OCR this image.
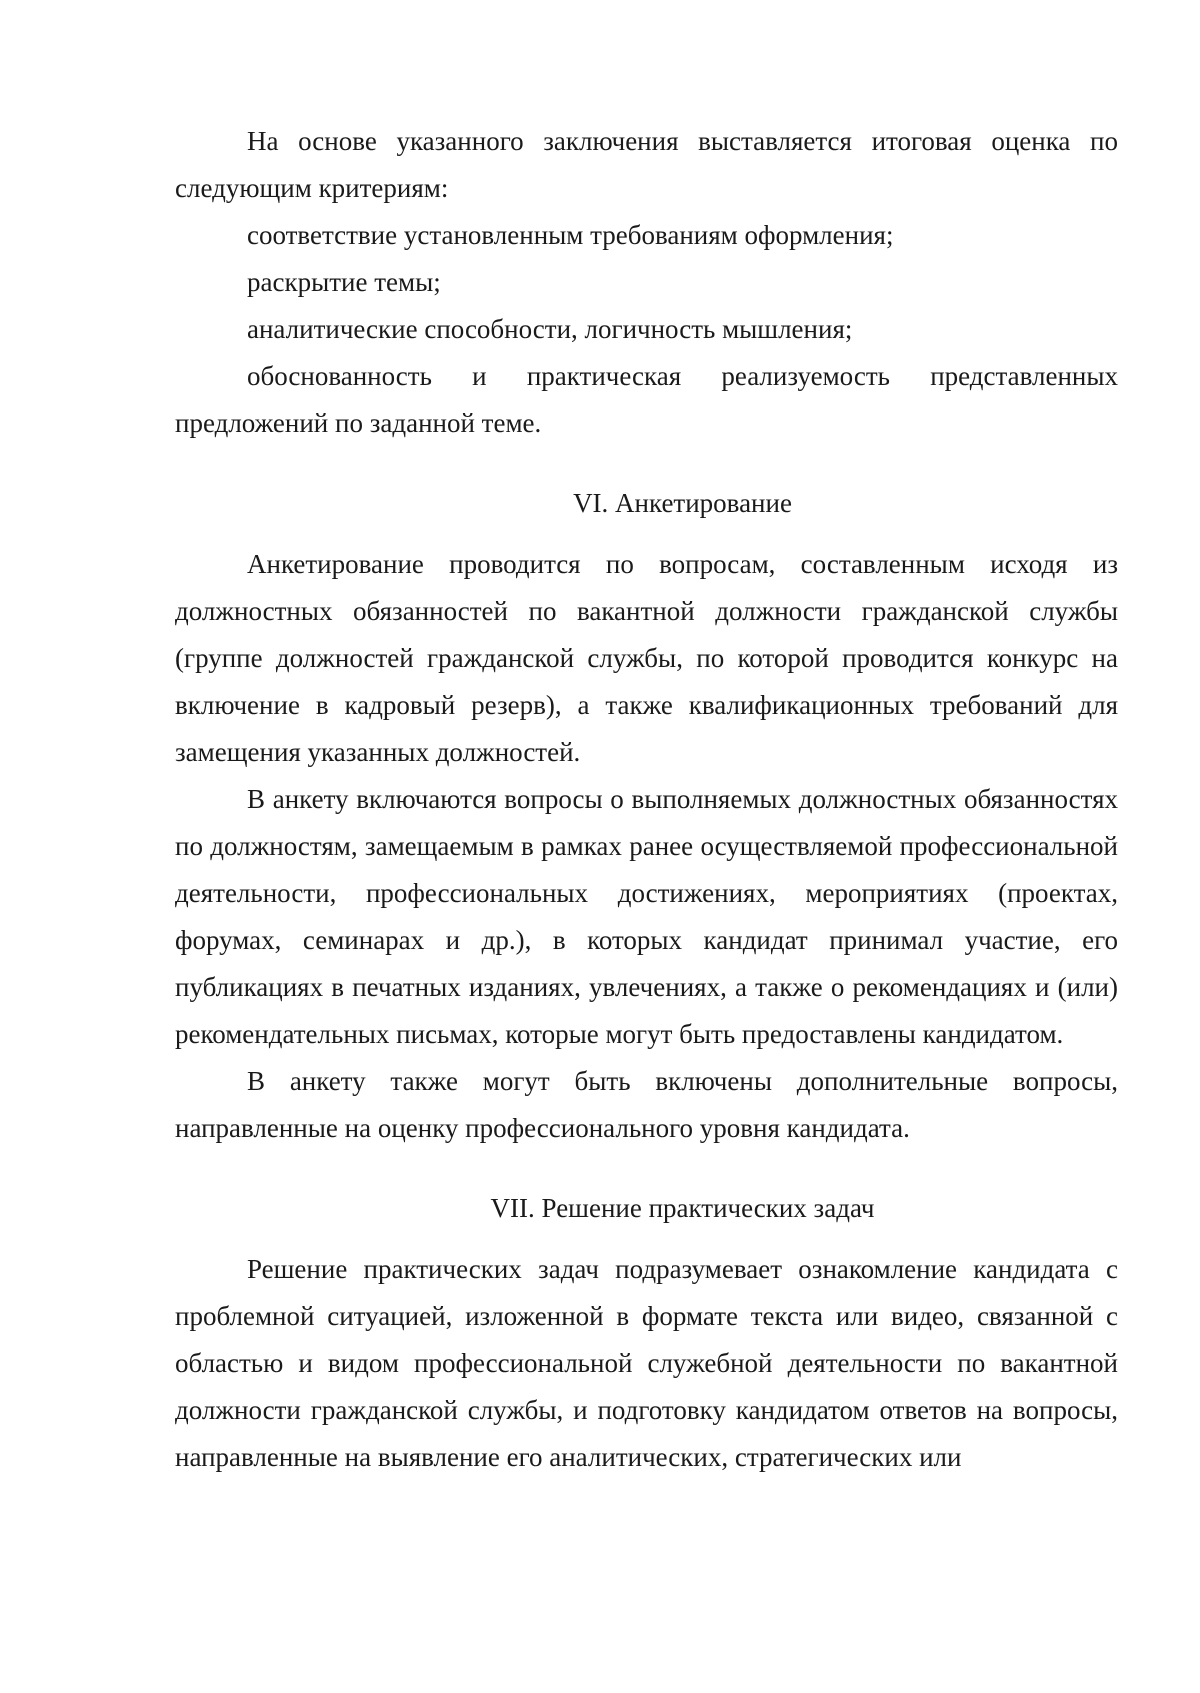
На основе указанного заключения выставляется итоговая оценка по следующим критериям:

соответствие установленным требованиям оформления;

раскрытие темы;

аналитические способности, логичность мышления;

обоснованность и практическая реализуемость представленных предложений по заданной теме.

VI. Анкетирование

Анкетирование проводится по вопросам, составленным исходя из должностных обязанностей по вакантной должности гражданской службы (группе должностей гражданской службы, по которой проводится конкурс на включение в кадровый резерв), а также квалификационных требований для замещения указанных должностей.

В анкету включаются вопросы о выполняемых должностных обязанностях по должностям, замещаемым в рамках ранее осуществляемой профессиональной деятельности, профессиональных достижениях, мероприятиях (проектах, форумах, семинарах и др.), в которых кандидат принимал участие, его публикациях в печатных изданиях, увлечениях, а также о рекомендациях и (или) рекомендательных письмах, которые могут быть предоставлены кандидатом.

В анкету также могут быть включены дополнительные вопросы, направленные на оценку профессионального уровня кандидата.

VII. Решение практических задач

Решение практических задач подразумевает ознакомление кандидата с проблемной ситуацией, изложенной в формате текста или видео, связанной с областью и видом профессиональной служебной деятельности по вакантной должности гражданской службы, и подготовку кандидатом ответов на вопросы, направленные на выявление его аналитических, стратегических или
